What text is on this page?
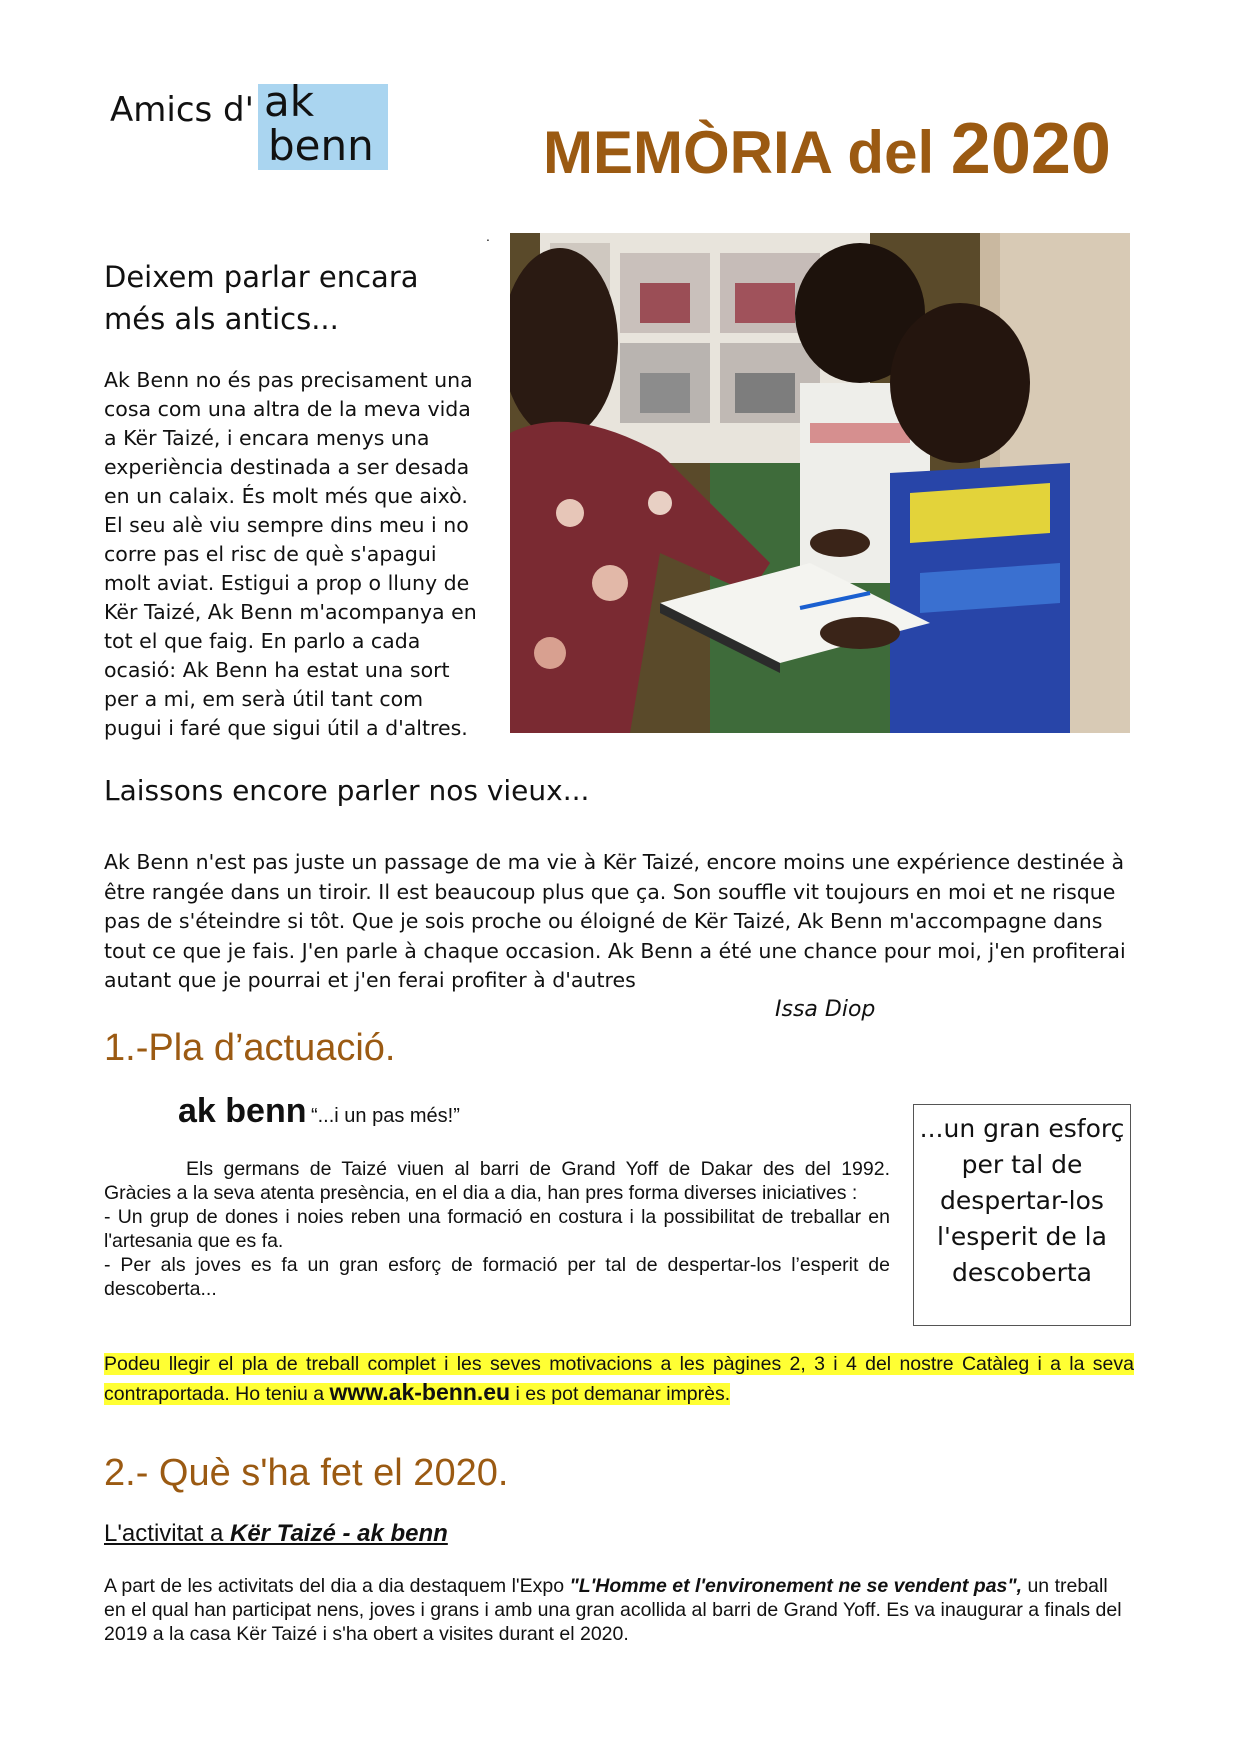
Amics d' ak
benn	MEMÒRIA del 2020
.
Deixem parlar encara més als antics...
Ak Benn no és pas precisament una cosa com una altra de la meva vida a Kër Taizé, i encara menys una experiència destinada a ser desada en un calaix. És molt més que això. El seu alè viu sempre dins meu i no corre pas el risc de què s'apagui molt aviat. Estigui a prop o lluny de Kër Taizé, Ak Benn m'acompanya en tot el que faig. En parlo a cada ocasió: Ak Benn ha estat una sort per a mi, em serà útil tant com pugui i faré que sigui útil a d'altres.
Laissons encore parler nos vieux...
Ak Benn n'est pas juste un passage de ma vie à Kër Taizé, encore moins une expérience destinée à être rangée dans un tiroir. Il est beaucoup plus que ça. Son souffle vit toujours en moi et ne risque pas de s'éteindre si tôt. Que je sois proche ou éloigné de Kër Taizé, Ak Benn m'accompagne dans tout ce que je fais. J'en parle à chaque occasion. Ak Benn a été une chance pour moi, j'en profiterai autant que je pourrai et j'en ferai profiter à d'autres
Issa Diop
1.-Pla d’actuació.
ak benn “...i un pas més!”

Els germans de Taizé viuen al barri de Grand Yoff de Dakar des del 1992. Gràcies a la seva atenta presència, en el dia a dia, han pres forma diverses iniciatives :

- Un grup de dones i noies reben una formació en costura i la possibilitat de treballar en l'artesania que es fa.

- Per als joves es fa un gran esforç de formació per tal de despertar-los l’esperit de descoberta...

...un gran esforç per tal de despertar-los l'esperit de la descoberta
Podeu llegir el pla de treball complet i les seves motivacions a les pàgines 2, 3 i 4 del nostre Catàleg i a la seva contraportada. Ho teniu a www.ak-benn.eu i es pot demanar imprès.
2.- Què s'ha fet el 2020.
L'activitat a Kër Taizé - ak benn
A part de les activitats del dia a dia destaquem l'Expo "L'Homme et l'environement ne se vendent pas", un treball en el qual han participat nens, joves i grans i amb una gran acollida al barri de Grand Yoff. Es va inaugurar a finals del 2019 a la casa Kër Taizé i s'ha obert a visites durant el 2020.
